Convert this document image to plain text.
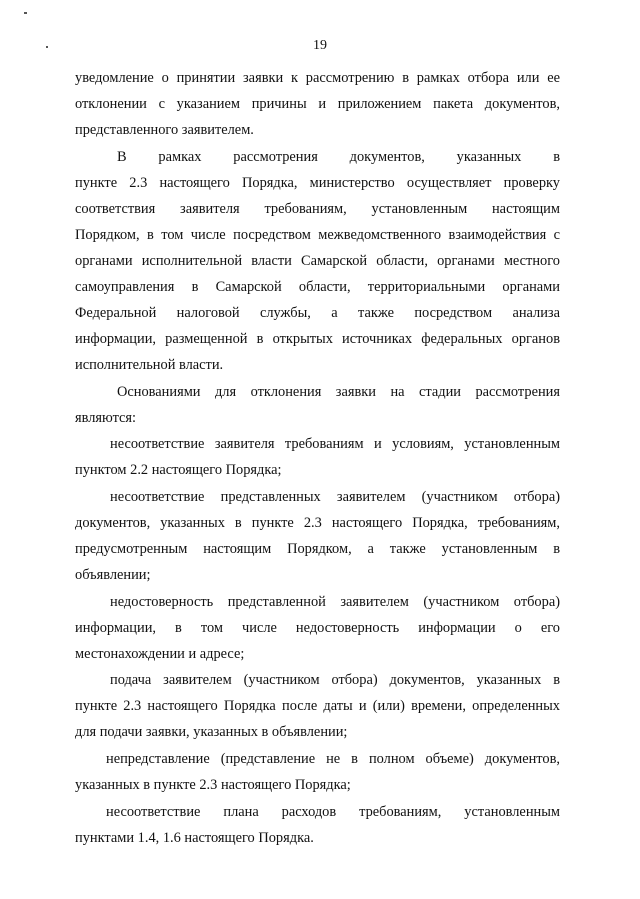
19
уведомление о принятии заявки к рассмотрению в рамках отбора или ее
отклонении с указанием причины и приложением пакета документов,
представленного заявителем.
В рамках рассмотрения документов, указанных в
пункте 2.3 настоящего Порядка, министерство осуществляет проверку
соответствия заявителя требованиям, установленным настоящим
Порядком, в том числе посредством межведомственного взаимодействия с
органами исполнительной власти Самарской области, органами местного
самоуправления в Самарской области, территориальными органами
Федеральной налоговой службы, а также посредством анализа
информации, размещенной в открытых источниках федеральных органов
исполнительной власти.
Основаниями для отклонения заявки на стадии рассмотрения
являются:
несоответствие заявителя требованиям и условиям, установленным
пунктом 2.2 настоящего Порядка;
несоответствие представленных заявителем (участником отбора)
документов, указанных в пункте 2.3 настоящего Порядка, требованиям,
предусмотренным настоящим Порядком, а также установленным в
объявлении;
недостоверность представленной заявителем (участником отбора)
информации, в том числе недостоверность информации о его
местонахождении и адресе;
подача заявителем (участником отбора) документов, указанных в
пункте 2.3 настоящего Порядка после даты и (или) времени, определенных
для подачи заявки, указанных в объявлении;
непредставление (представление не в полном объеме) документов,
указанных в пункте 2.3 настоящего Порядка;
несоответствие плана расходов требованиям, установленным
пунктами 1.4, 1.6 настоящего Порядка.
